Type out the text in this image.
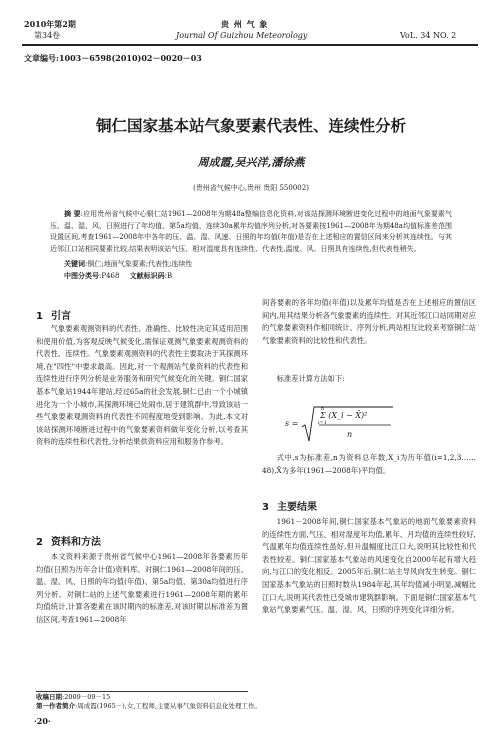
2010年第2期	贵 州 气 象
第34卷	Journal Of Guizhou Meteorology	VoL. 34 NO. 2
文章编号:1003－6598(2010)02－0020－03
铜仁国家基本站气象要素代表性、连续性分析
周成霞,吴兴洋,潘徐燕
(贵州省气候中心,贵州 贵阳 550002)
摘 要:应用贵州省气候中心铜仁站1961—2008年为期48a整编信息化资料,对该站探测环境断进变化过程中的地面气象要素气压、温、湿、风、日照进行了年均值、第5a均值、连续30a累年均值序列分析,对各要素按1961—2008年为期48a均值标准差范围设置区间,考查1961—2008年中各年的压、温、湿、风速、日照的年均值(年值)是否在上述相应的置信区间来分析其连续性。与其近邻江口站相同要素比较,结果表明该站气压、相对湿度具有连续性、代表性,温度、风、日照具有连续性,但代表性稍失。
关键词:铜仁;地面气象要素;代表性;连续性
中图分类号:P468 文献标识码:B
1 引言

气象要素观测资料的代表性、准确性、比较性决定其适用范围和使用价值,为客观反映气候变化,需保证观测气象要素观测资料的代表性、连续性。气象要素观测资料的代表性主要取决于其探测环境,在"四性"中要求最高。因此,对一个观测站气象资料的代表性和连续性进行序列分析是业务服务和研究气候变化的关键。铜仁国家基本气象站1944年建站,经过65a的社会发展,铜仁已由一个小城镇进化为一个小城市,其探测环境已处闹市,居于建筑群中,导致该站一些气象要素观测资料的代表性不同程度地受到影响。为此,本文对该站探测环境断进过程中的气象要素资料做年变化分析,以考查其资料的连续性和代表性,分析结果供资料应用和服务作参考。

2 资料和方法

本文资料来源于贵州省气候中心1961—2008年各要素历年均值(日照为历年合计值)资料库。对铜仁1961—2008年间的压、温、湿、风、日照的年均值(年值)、第5a均值、第30a均值进行序列分析。对铜仁站的上述气象要素进行1961—2008年期的累年均值统计,计算各要素在该时期内的标准差,对该时期以标准差为置信区间,考查1961—2008年

间各要素的各年均值(年值)以及累年均值是否在上述相应的置信区间内,用其结果分析各气象要素的连续性。对其近邻江口站同期对应的气象要素资料作相同统计、序列分析,两站相互比较来考察铜仁站气象要素资料的比较性和代表性。

标准差计算方法如下:

s =
n
Σ (X_i − X̄)²
i=1
n

式中,s为标准差,n为资料总年数,X_i为历年值(i=1,2,3……48),X̄为多年(1961—2008年)平均值。

3 主要结果

1961－2008年间,铜仁国家基本气象站的地面气象要素资料的连续性方面,气压、相对湿度年均值,累年、月均值的连续性较好,气温累年均值连续性虽好,但升温幅度比江口大,说明其比较性和代表性较差。铜仁国家基本气象站的风速变化自2000年起有增大趋向,与江口的变化相反。2005年后,铜仁站主导风向发生转变。铜仁国家基本气象站的日照时数从1984年起,其年均值减小明显,减幅比江口大,说明其代表性已受城市建筑群影响。下面是铜仁国家基本气象站气象要素气压、温、湿、风、日照的序列变化详细分析。

收稿日期:2009－09－15
第一作者简介:周成霞(1965－),女,工程师,主要从事气象资料信息化处理工作。
·20·
